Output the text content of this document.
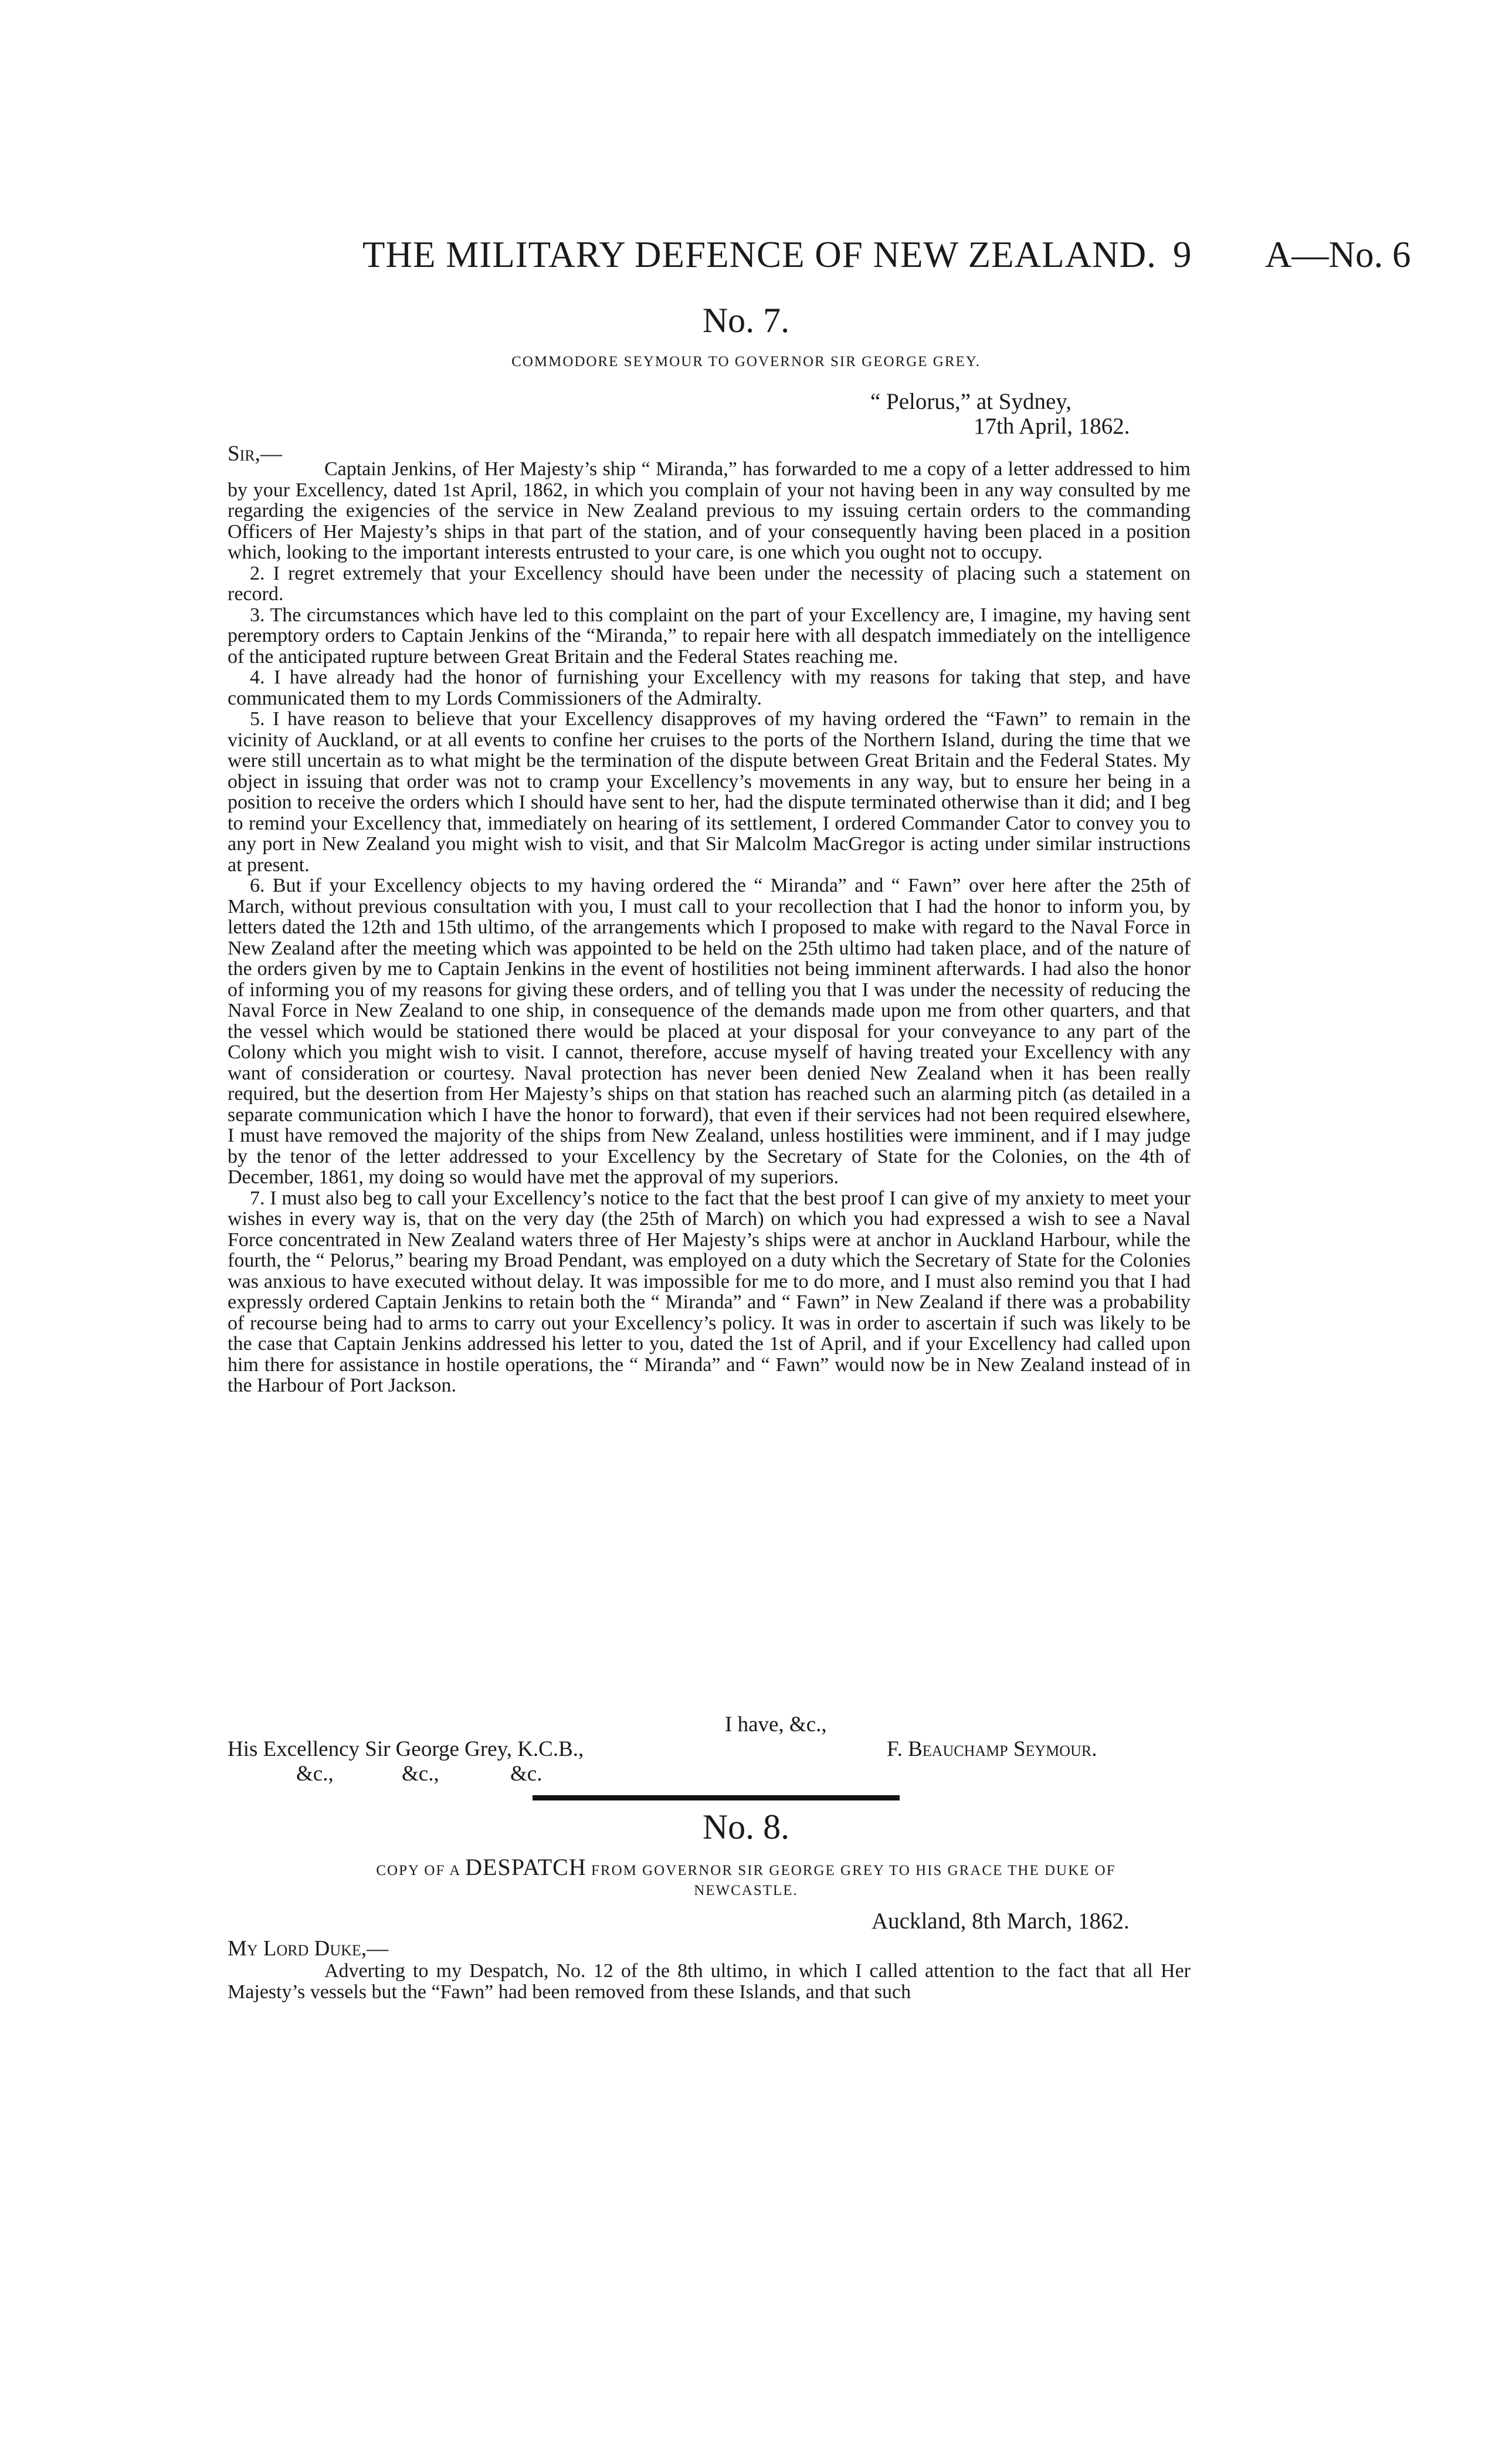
THE MILITARY DEFENCE OF NEW ZEALAND. 9 A—No. 6
No. 7.
COMMODORE SEYMOUR TO GOVERNOR SIR GEORGE GREY.
“ Pelorus,” at Sydney,
17th April, 1862.
Sir,—

Captain Jenkins, of Her Majesty’s ship “ Miranda,” has forwarded to me a copy of a letter addressed to him by your Excellency, dated 1st April, 1862, in which you complain of your not having been in any way consulted by me regarding the exigencies of the service in New Zealand previous to my issuing certain orders to the commanding Officers of Her Majesty’s ships in that part of the station, and of your consequently having been placed in a position which, looking to the important interests entrusted to your care, is one which you ought not to occupy.

2. I regret extremely that your Excellency should have been under the necessity of placing such a statement on record.

3. The circumstances which have led to this complaint on the part of your Excellency are, I imagine, my having sent peremptory orders to Captain Jenkins of the “Miranda,” to repair here with all despatch immediately on the intelligence of the anticipated rupture between Great Britain and the Federal States reaching me.

4. I have already had the honor of furnishing your Excellency with my reasons for taking that step, and have communicated them to my Lords Commissioners of the Admiralty.

5. I have reason to believe that your Excellency disapproves of my having ordered the “Fawn” to remain in the vicinity of Auckland, or at all events to confine her cruises to the ports of the Northern Island, during the time that we were still uncertain as to what might be the termination of the dispute between Great Britain and the Federal States. My object in issuing that order was not to cramp your Excellency’s movements in any way, but to ensure her being in a position to receive the orders which I should have sent to her, had the dispute terminated otherwise than it did; and I beg to remind your Excellency that, immediately on hearing of its settlement, I ordered Commander Cator to convey you to any port in New Zealand you might wish to visit, and that Sir Malcolm MacGregor is acting under similar instructions at present.

6. But if your Excellency objects to my having ordered the “ Miranda” and “ Fawn” over here after the 25th of March, without previous consultation with you, I must call to your recollection that I had the honor to inform you, by letters dated the 12th and 15th ultimo, of the arrangements which I proposed to make with regard to the Naval Force in New Zealand after the meeting which was appointed to be held on the 25th ultimo had taken place, and of the nature of the orders given by me to Captain Jenkins in the event of hostilities not being imminent afterwards. I had also the honor of informing you of my reasons for giving these orders, and of telling you that I was under the necessity of reducing the Naval Force in New Zealand to one ship, in consequence of the demands made upon me from other quarters, and that the vessel which would be stationed there would be placed at your disposal for your conveyance to any part of the Colony which you might wish to visit. I cannot, therefore, accuse myself of having treated your Excellency with any want of consideration or courtesy. Naval protection has never been denied New Zealand when it has been really required, but the desertion from Her Majesty’s ships on that station has reached such an alarming pitch (as detailed in a separate communication which I have the honor to forward), that even if their services had not been required elsewhere, I must have removed the majority of the ships from New Zealand, unless hostilities were imminent, and if I may judge by the tenor of the letter addressed to your Excellency by the Secretary of State for the Colonies, on the 4th of December, 1861, my doing so would have met the approval of my superiors.

7. I must also beg to call your Excellency’s notice to the fact that the best proof I can give of my anxiety to meet your wishes in every way is, that on the very day (the 25th of March) on which you had expressed a wish to see a Naval Force concentrated in New Zealand waters three of Her Majesty’s ships were at anchor in Auckland Harbour, while the fourth, the “ Pelorus,” bearing my Broad Pendant, was employed on a duty which the Secretary of State for the Colonies was anxious to have executed without delay. It was impossible for me to do more, and I must also remind you that I had expressly ordered Captain Jenkins to retain both the “ Miranda” and “ Fawn” in New Zealand if there was a probability of recourse being had to arms to carry out your Excellency’s policy. It was in order to ascertain if such was likely to be the case that Captain Jenkins addressed his letter to you, dated the 1st of April, and if your Excellency had called upon him there for assistance in hostile operations, the “ Miranda” and “ Fawn” would now be in New Zealand instead of in the Harbour of Port Jackson.

I have, &c.,
His Excellency Sir George Grey, K.C.B.,	F. Beauchamp Seymour.
&c.,	&c.,	&c.
No. 8.
COPY OF A DESPATCH FROM GOVERNOR SIR GEORGE GREY TO HIS GRACE THE DUKE OF
NEWCASTLE.
Auckland, 8th March, 1862.
My Lord Duke,—

Adverting to my Despatch, No. 12 of the 8th ultimo, in which I called attention to the fact that all Her Majesty’s vessels but the “Fawn” had been removed from these Islands, and that such
